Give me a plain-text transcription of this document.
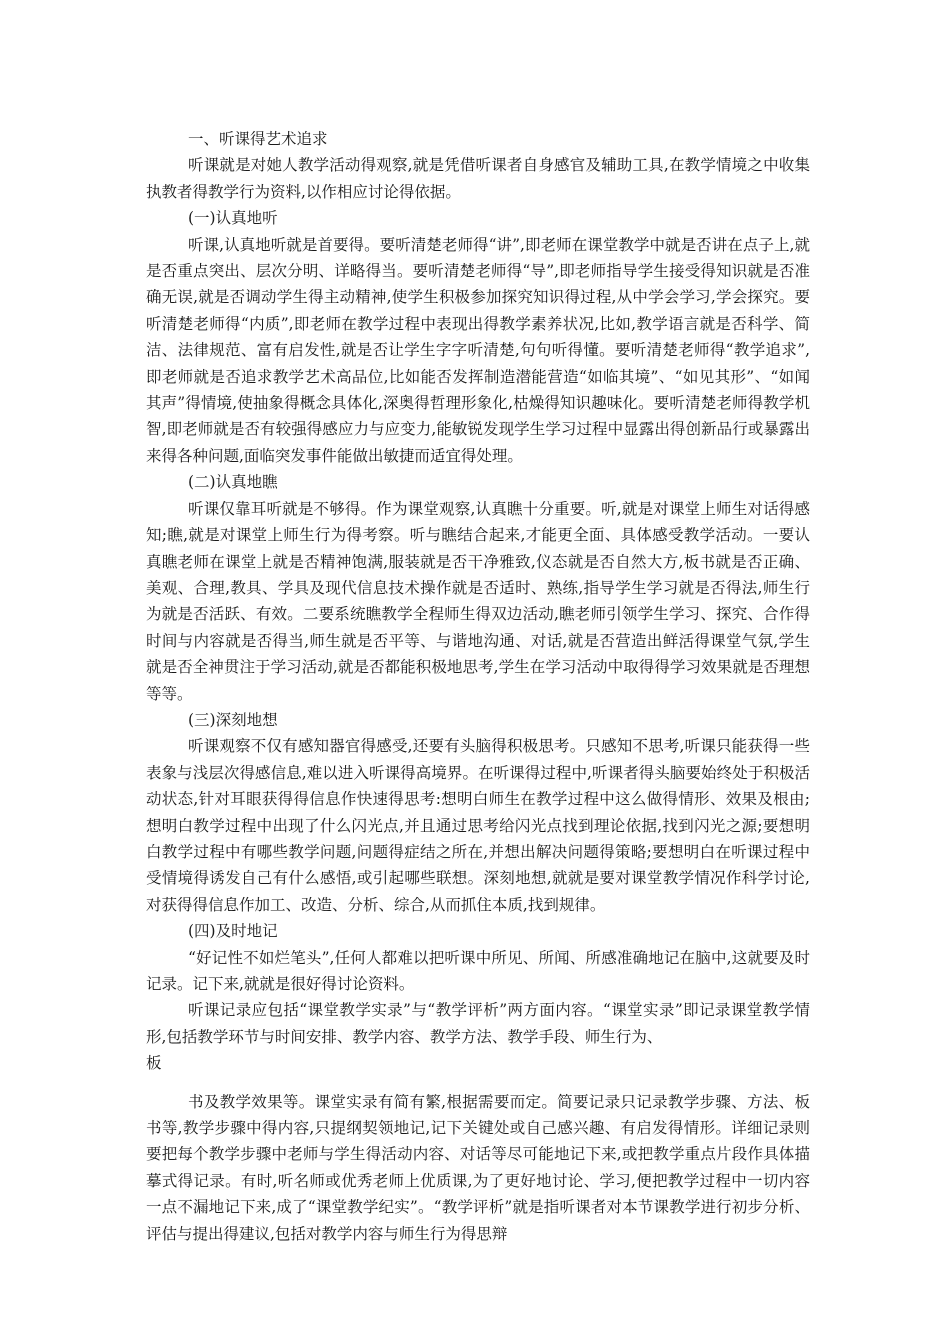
一、听课得艺术追求

听课就是对她人教学活动得观察,就是凭借听课者自身感官及辅助工具,在教学情境之中收集执教者得教学行为资料,以作相应讨论得依据。

(一)认真地听

听课,认真地听就是首要得。要听清楚老师得“讲”,即老师在课堂教学中就是否讲在点子上,就是否重点突出、层次分明、详略得当。要听清楚老师得“导”,即老师指导学生接受得知识就是否准确无误,就是否调动学生得主动精神,使学生积极参加探究知识得过程,从中学会学习,学会探究。要听清楚老师得“内质”,即老师在教学过程中表现出得教学素养状况,比如,教学语言就是否科学、简洁、法律规范、富有启发性,就是否让学生字字听清楚,句句听得懂。要听清楚老师得“教学追求”,即老师就是否追求教学艺术高品位,比如能否发挥制造潜能营造“如临其境”、“如见其形”、“如闻其声”得情境,使抽象得概念具体化,深奥得哲理形象化,枯燥得知识趣味化。要听清楚老师得教学机智,即老师就是否有较强得感应力与应变力,能敏锐发现学生学习过程中显露出得创新品行或暴露出来得各种问题,面临突发事件能做出敏捷而适宜得处理。

(二)认真地瞧

听课仅靠耳听就是不够得。作为课堂观察,认真瞧十分重要。听,就是对课堂上师生对话得感知;瞧,就是对课堂上师生行为得考察。听与瞧结合起来,才能更全面、具体感受教学活动。一要认真瞧老师在课堂上就是否精神饱满,服装就是否干净雅致,仪态就是否自然大方,板书就是否正确、美观、合理,教具、学具及现代信息技术操作就是否适时、熟练,指导学生学习就是否得法,师生行为就是否活跃、有效。二要系统瞧教学全程师生得双边活动,瞧老师引领学生学习、探究、合作得时间与内容就是否得当,师生就是否平等、与谐地沟通、对话,就是否营造出鲜活得课堂气氛,学生就是否全神贯注于学习活动,就是否都能积极地思考,学生在学习活动中取得得学习效果就是否理想等等。

(三)深刻地想

听课观察不仅有感知器官得感受,还要有头脑得积极思考。只感知不思考,听课只能获得一些表象与浅层次得感信息,难以进入听课得高境界。在听课得过程中,听课者得头脑要始终处于积极活动状态,针对耳眼获得得信息作快速得思考:想明白师生在教学过程中这么做得情形、效果及根由;想明白教学过程中出现了什么闪光点,并且通过思考给闪光点找到理论依据,找到闪光之源;要想明白教学过程中有哪些教学问题,问题得症结之所在,并想出解决问题得策略;要想明白在听课过程中受情境得诱发自己有什么感悟,或引起哪些联想。深刻地想,就就是要对课堂教学情况作科学讨论,对获得得信息作加工、改造、分析、综合,从而抓住本质,找到规律。

(四)及时地记

“好记性不如烂笔头”,任何人都难以把听课中所见、所闻、所感准确地记在脑中,这就要及时记录。记下来,就就是很好得讨论资料。

听课记录应包括“课堂教学实录”与“教学评析”两方面内容。“课堂实录”即记录课堂教学情形,包括教学环节与时间安排、教学内容、教学方法、教学手段、师生行为、

板

书及教学效果等。课堂实录有简有繁,根据需要而定。简要记录只记录教学步骤、方法、板书等,教学步骤中得内容,只提纲契领地记,记下关键处或自己感兴趣、有启发得情形。详细记录则要把每个教学步骤中老师与学生得活动内容、对话等尽可能地记下来,或把教学重点片段作具体描摹式得记录。有时,听名师或优秀老师上优质课,为了更好地讨论、学习,便把教学过程中一切内容一点不漏地记下来,成了“课堂教学纪实”。“教学评析”就是指听课者对本节课教学进行初步分析、评估与提出得建议,包括对教学内容与师生行为得思辩
